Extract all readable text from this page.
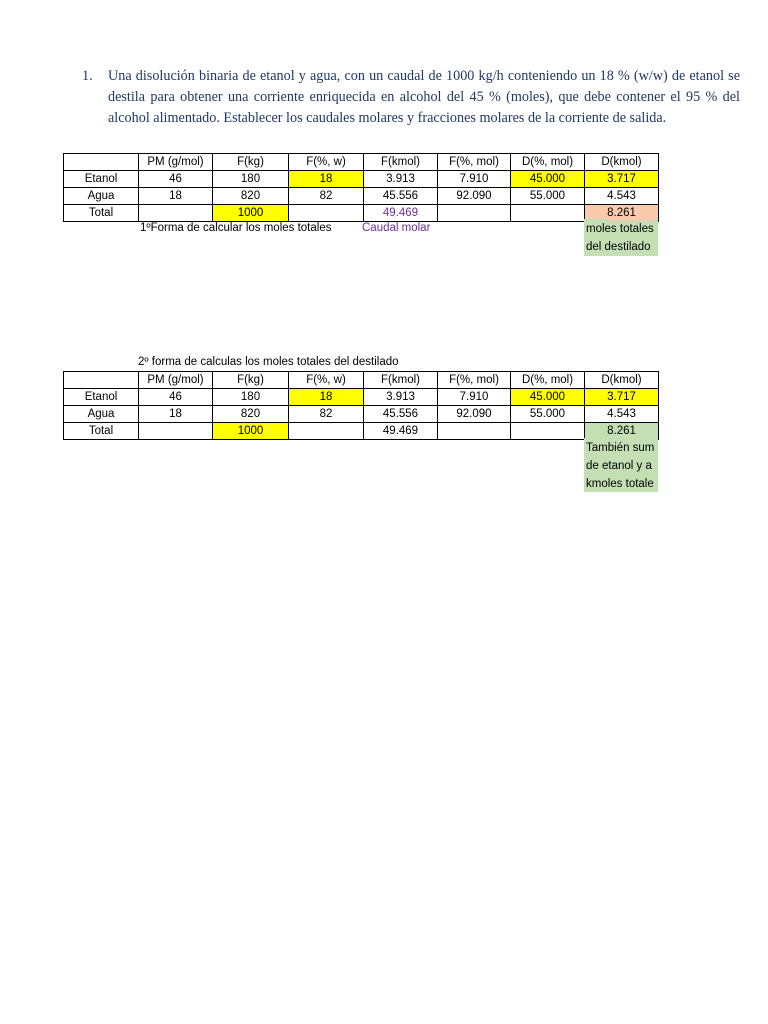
1. Una disolución binaria de etanol y agua, con un caudal de 1000 kg/h conteniendo un 18 % (w/w) de etanol se destila para obtener una corriente enriquecida en alcohol del 45 % (moles), que debe contener el 95 % del alcohol alimentado. Establecer los caudales molares y fracciones molares de la corriente de salida.
	PM (g/mol)	F(kg)	F(%, w)	F(kmol)	F(%, mol)	D(%, mol)	D(kmol)
Etanol	46	180	18	3.913	7.910	45.000	3.717
Agua	18	820	82	45.556	92.090	55.000	4.543
Total		1000		49.469			8.261
1ºForma de calcular los moles totales	Caudal molar	moles totales
del destilado
2º forma de calculas los moles totales del destilado
	PM (g/mol)	F(kg)	F(%, w)	F(kmol)	F(%, mol)	D(%, mol)	D(kmol)
Etanol	46	180	18	3.913	7.910	45.000	3.717
Agua	18	820	82	45.556	92.090	55.000	4.543
Total		1000		49.469			8.261
También sum
de etanol y a
kmoles totale
